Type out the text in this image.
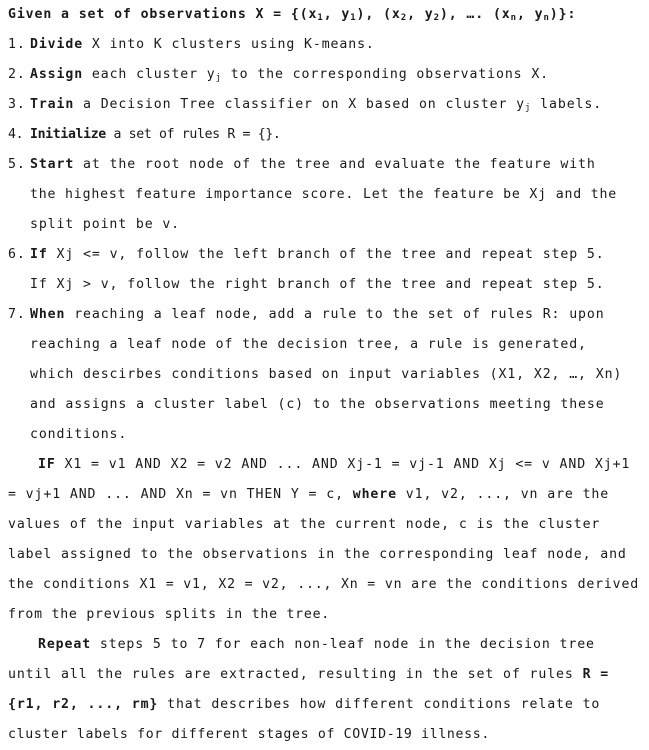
Given a set of observations $X = \{(x_1$, $y_1$), ($x_2$, $y_2$), …. ($x_n$, $y_n$)}:
1. Divide X into K clusters using K-means.
2. Assign each cluster $y_j$ to the corresponding observations X.
3. Train a Decision Tree classifier on X based on cluster $y_j$ labels.
4. Initialize a set of rules R = {}.
5. Start at the root node of the tree and evaluate the feature with
the highest feature importance score. Let the feature be Xj and the
split point be v.
6. If Xj <= v, follow the left branch of the tree and repeat step 5.
If Xj > v, follow the right branch of the tree and repeat step 5.
7. When reaching a leaf node, add a rule to the set of rules R: upon
reaching a leaf node of the decision tree, a rule is generated,
which descirbes conditions based on input variables (X1, X2, …, Xn)
and assigns a cluster label (c) to the observations meeting these
conditions.
IF X1 = v1 AND X2 = v2 AND ... AND Xj-1 = vj-1 AND Xj <= v AND Xj+1
= vj+1 AND ... AND Xn = vn THEN Y = c, where v1, v2, ..., vn are the
values of the input variables at the current node, c is the cluster
label assigned to the observations in the corresponding leaf node, and
the conditions X1 = v1, X2 = v2, ..., Xn = vn are the conditions derived
from the previous splits in the tree.
Repeat steps 5 to 7 for each non-leaf node in the decision tree
until all the rules are extracted, resulting in the set of rules R =
{r1, r2, ..., rm} that describes how different conditions relate to
cluster labels for different stages of COVID-19 illness.
